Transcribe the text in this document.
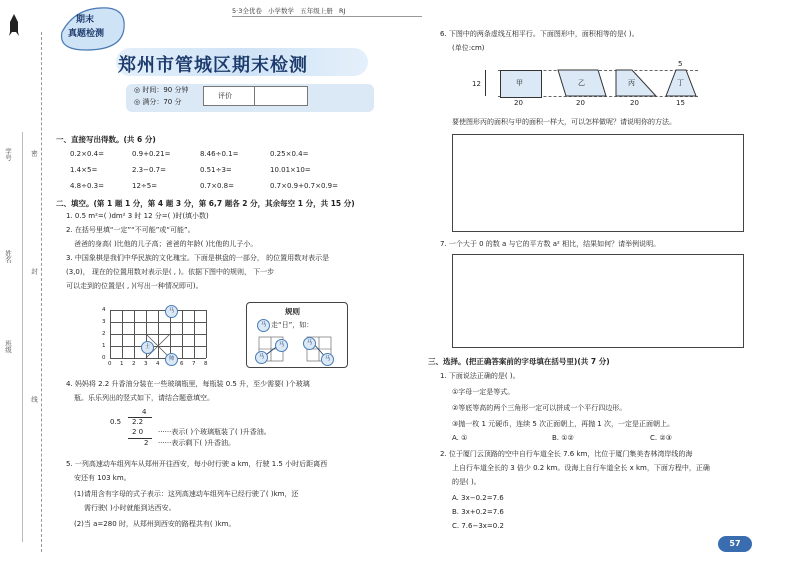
学号
姓名
班级
密
封
线
期末
真题检测
5·3全优卷 小学数学 五年级上册 RJ
郑州市管城区期末检测
◎ 时间：90 分钟
◎ 满分：70 分
评价
一、直接写出得数。(共 6 分)
0.2×0.4=	0.9+0.21=	8.46÷0.1=	0.25×0.4=
1.4×5=	2.3−0.7=	0.51÷3=	10.01×10=
4.8÷0.3=	12÷5=	0.7×0.8=	0.7×0.9+0.7×0.9=
二、填空。(第 1 题 1 分，第 4 题 3 分，第 6,7 题各 2 分，其余每空 1 分，共 15 分)
1. 0.5 m²=( )dm² 3 时 12 分=( )时(填小数)
2. 在括号里填“一定”“不可能”或“可能”。
爸爸的身高( )比他的儿子高；爸爸的年龄( )比他的儿子小。
3. 中国象棋是我们中华民族的文化瑰宝。下面是棋盘的一部分， 的位置用数对表示是
(3,0)， 现在的位置用数对表示是( , )。依据下图中的规则， 下一步
可以走到的位置是( , )(写出一种情况即可)。
4
3
2
1
0
0 1 2 3 4	6 7 8
马
士
帅
规则
马 走“日”，如：
马
马	马
马
4. 妈妈将 2.2 升香油分装在一些玻璃瓶里，每瓶装 0.5 升，至少需要( )个玻璃
瓶。乐乐列出的竖式如下，请结合题意填空。
4
0.5 2.2
2 0
2
······表示( )个玻璃瓶装了( )升香油。
······表示剩下( )升香油。
5. 一列高速动车组列车从郑州开往西安，每小时行驶 a km，行驶 1.5 小时后距离西
安还有 103 km。
(1)请用含有字母的式子表示：这列高速动车组列车已经行驶了( )km，还
需行驶( )小时就能到达西安。
(2)当 a=280 时，从郑州到西安的路程共有( )km。
6. 下图中的两条虚线互相平行。下面图形中，面积相等的是( )。
(单位:cm)
12	甲	乙	丙	丁
5
20	20	20	15
要使图形丙的面积与甲的面积一样大，可以怎样做呢？请说明你的方法。
7. 一个大于 0 的数 a 与它的平方数 a² 相比，结果如何？请举例说明。
三、选择。(把正确答案前的字母填在括号里)(共 7 分)
1. 下面说法正确的是( )。
①字母一定是等式。
②等底等高的两个三角形一定可以拼成一个平行四边形。
③抛一枚 1 元硬币，连续 5 次正面朝上，再抛 1 次，一定是正面朝上。
A. ①	B. ①②	C. ②③
2. 位于厦门云顶路的空中自行车道全长 7.6 km，比位于厦门集美杏林湾岸线的海
上自行车道全长的 3 倍少 0.2 km。设海上自行车道全长 x km，下面方程中，正确
的是( )。
A. 3x−0.2=7.6
B. 3x+0.2=7.6
C. 7.6−3x=0.2
57
